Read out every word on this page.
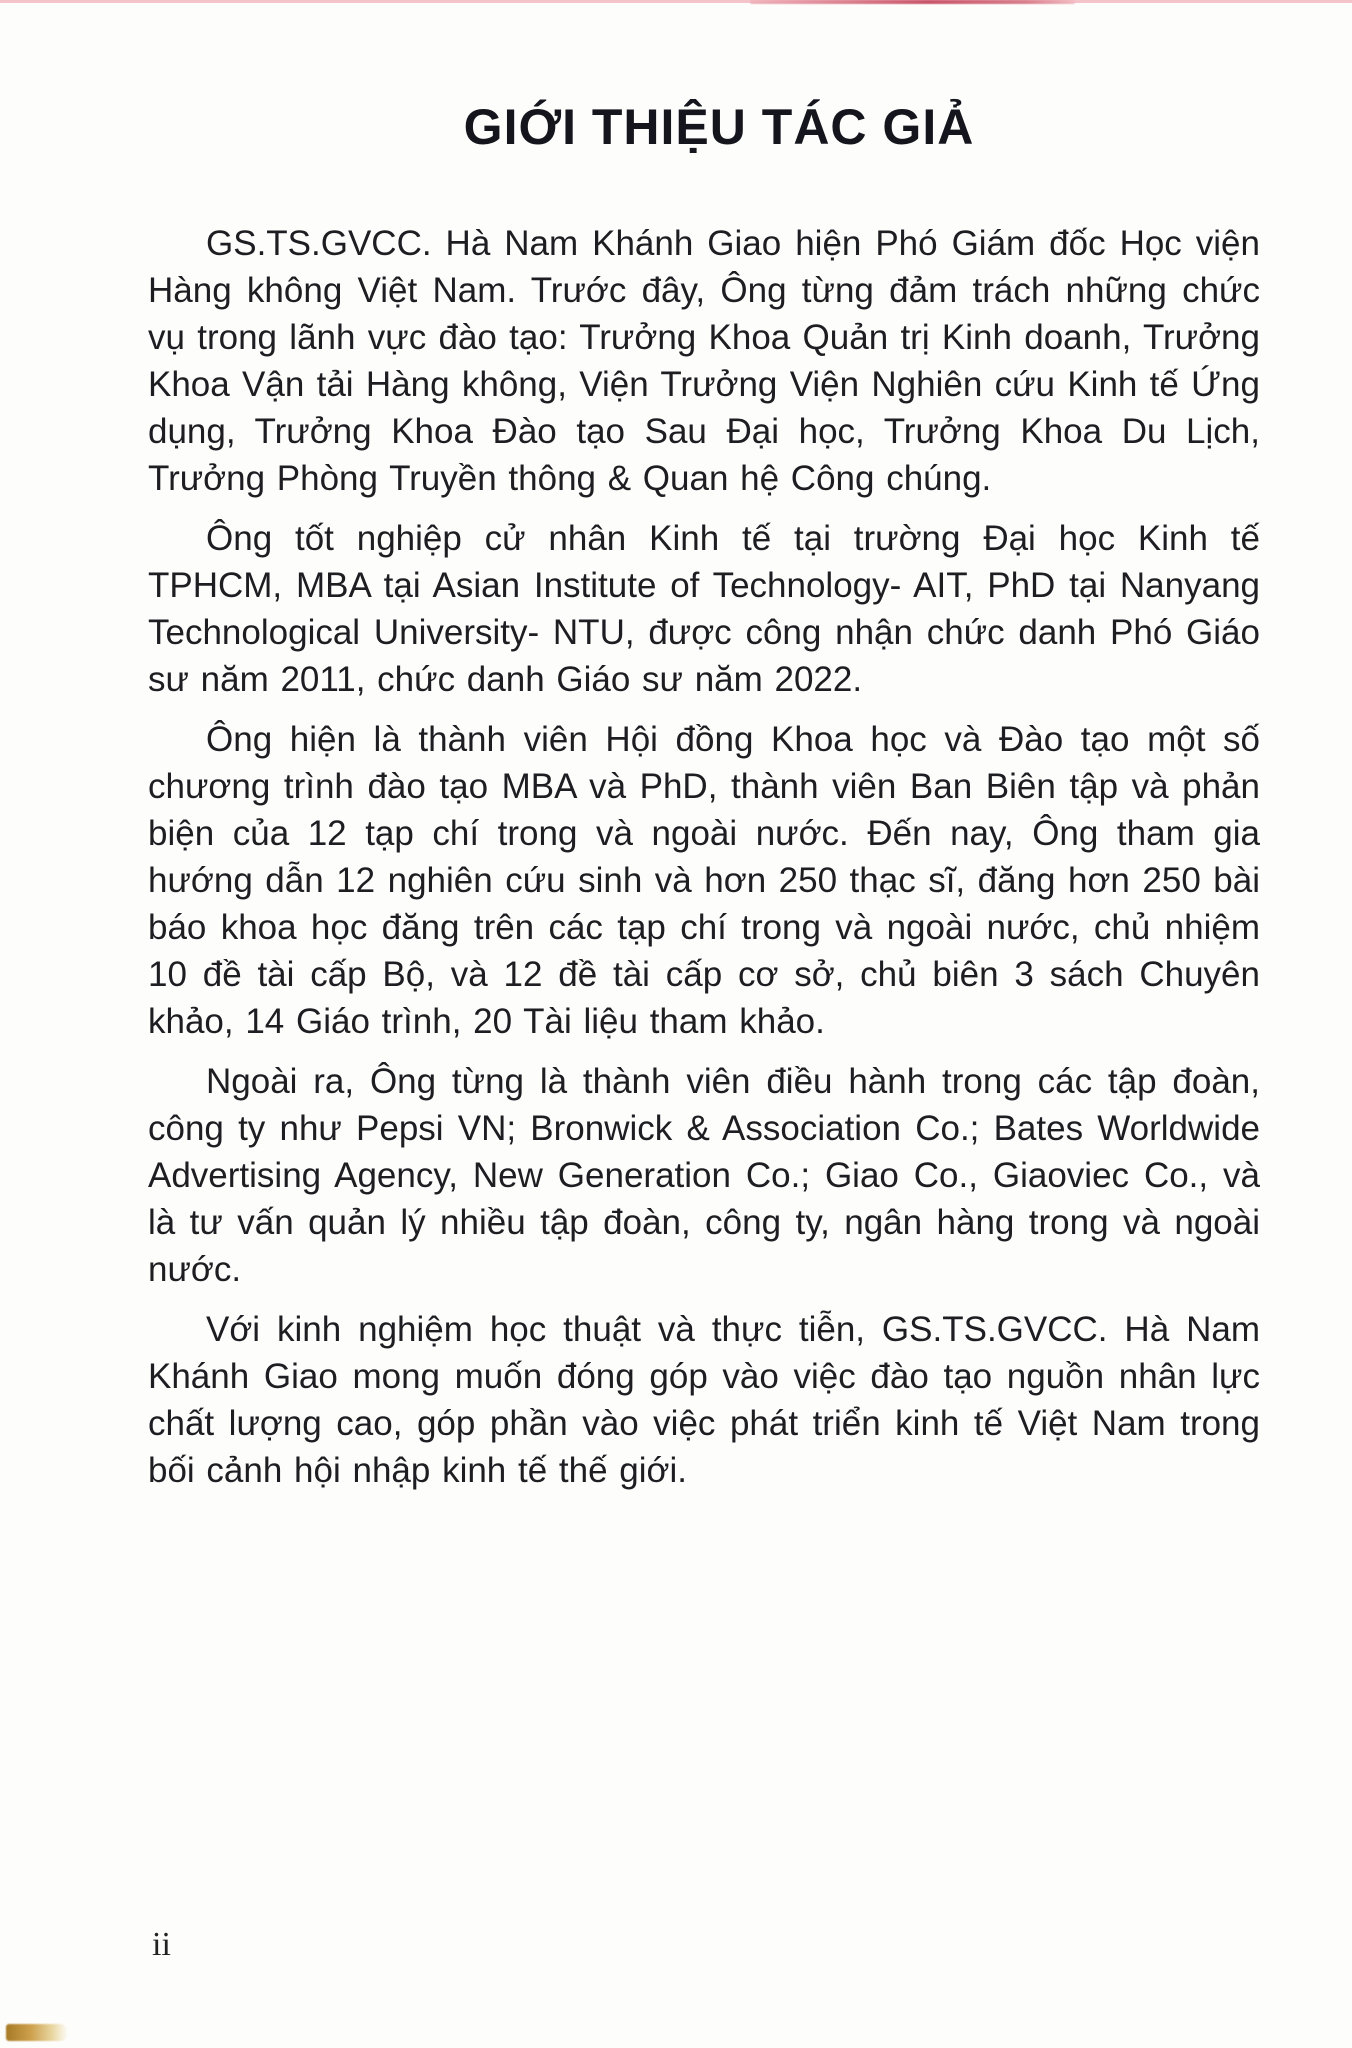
GIỚI THIỆU TÁC GIẢ

GS.TS.GVCC. Hà Nam Khánh Giao hiện Phó Giám đốc Học viện Hàng không Việt Nam. Trước đây, Ông từng đảm trách những chức vụ trong lãnh vực đào tạo: Trưởng Khoa Quản trị Kinh doanh, Trưởng Khoa Vận tải Hàng không, Viện Trưởng Viện Nghiên cứu Kinh tế Ứng dụng, Trưởng Khoa Đào tạo Sau Đại học, Trưởng Khoa Du Lịch, Trưởng Phòng Truyền thông & Quan hệ Công chúng.

Ông tốt nghiệp cử nhân Kinh tế tại trường Đại học Kinh tế TPHCM, MBA tại Asian Institute of Technology- AIT, PhD tại Nanyang Technological University- NTU, được công nhận chức danh Phó Giáo sư năm 2011, chức danh Giáo sư năm 2022.

Ông hiện là thành viên Hội đồng Khoa học và Đào tạo một số chương trình đào tạo MBA và PhD, thành viên Ban Biên tập và phản biện của 12 tạp chí trong và ngoài nước. Đến nay, Ông tham gia hướng dẫn 12 nghiên cứu sinh và hơn 250 thạc sĩ, đăng hơn 250 bài báo khoa học đăng trên các tạp chí trong và ngoài nước, chủ nhiệm 10 đề tài cấp Bộ, và 12 đề tài cấp cơ sở, chủ biên 3 sách Chuyên khảo, 14 Giáo trình, 20 Tài liệu tham khảo.

Ngoài ra, Ông từng là thành viên điều hành trong các tập đoàn, công ty như Pepsi VN; Bronwick & Association Co.; Bates Worldwide Advertising Agency, New Generation Co.; Giao Co., Giaoviec Co., và là tư vấn quản lý nhiều tập đoàn, công ty, ngân hàng trong và ngoài nước.

Với kinh nghiệm học thuật và thực tiễn, GS.TS.GVCC. Hà Nam Khánh Giao mong muốn đóng góp vào việc đào tạo nguồn nhân lực chất lượng cao, góp phần vào việc phát triển kinh tế Việt Nam trong bối cảnh hội nhập kinh tế thế giới.

ii
